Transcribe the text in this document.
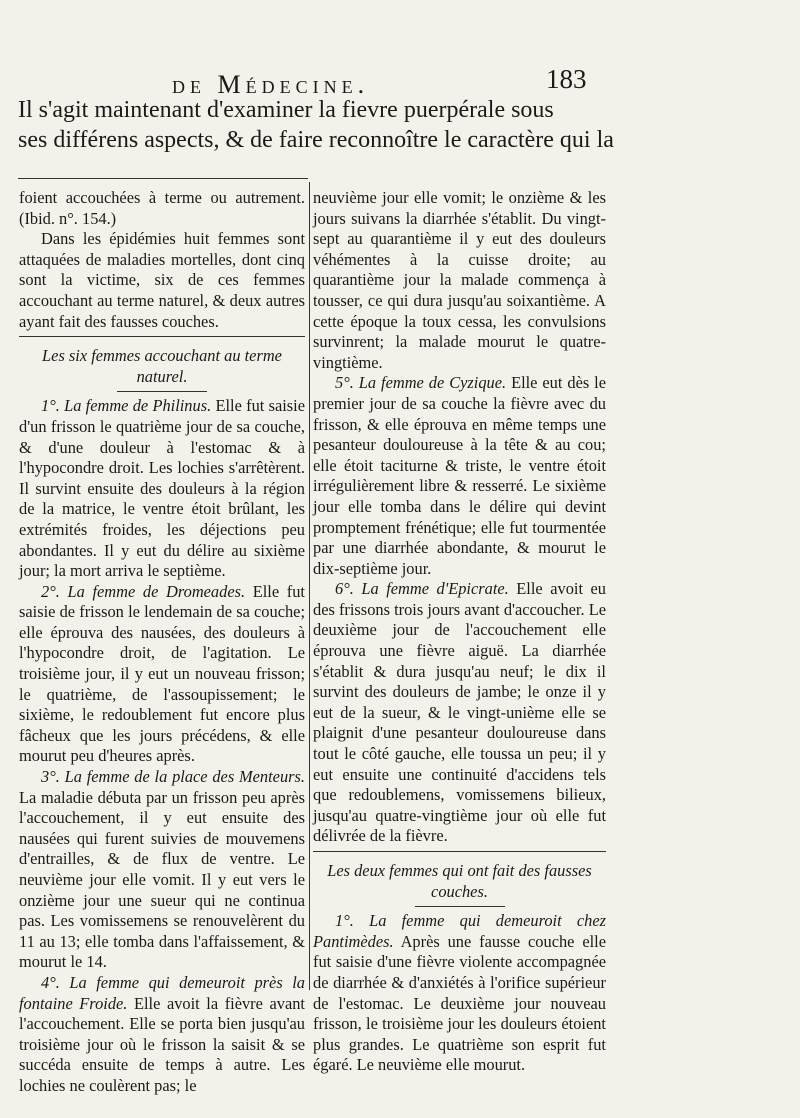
de Médecine.	183
Il s'agit maintenant d'examiner la fievre puerpérale sous
ses différens aspects, & de faire reconnoître le caractère qui la

foient accouchées à terme ou autrement. (Ibid. n°. 154.)

Dans les épidémies huit femmes sont attaquées de maladies mortelles, dont cinq sont la victime, six de ces femmes accouchant au terme naturel, & deux autres ayant fait des fausses couches.

Les six femmes accouchant au terme naturel.

1°. La femme de Philinus. Elle fut saisie d'un frisson le quatrième jour de sa couche, & d'une douleur à l'estomac & à l'hypocondre droit. Les lochies s'arrêtèrent. Il survint ensuite des douleurs à la région de la matrice, le ventre étoit brûlant, les extrémités froides, les déjections peu abondantes. Il y eut du délire au sixième jour; la mort arriva le septième.

2°. La femme de Dromeades. Elle fut saisie de frisson le lendemain de sa couche; elle éprouva des nausées, des douleurs à l'hypocondre droit, de l'agitation. Le troisième jour, il y eut un nouveau frisson; le quatrième, de l'assoupissement; le sixième, le redoublement fut encore plus fâcheux que les jours précédens, & elle mourut peu d'heures après.

3°. La femme de la place des Menteurs. La maladie débuta par un frisson peu après l'accouchement, il y eut ensuite des nausées qui furent suivies de mouvemens d'entrailles, & de flux de ventre. Le neuvième jour elle vomit. Il y eut vers le onzième jour une sueur qui ne continua pas. Les vomissemens se renouvelèrent du 11 au 13; elle tomba dans l'affaissement, & mourut le 14.

4°. La femme qui demeuroit près la fontaine Froide. Elle avoit la fièvre avant l'accouchement. Elle se porta bien jusqu'au troisième jour où le frisson la saisit & se succéda ensuite de temps à autre. Les lochies ne coulèrent pas; le

neuvième jour elle vomit; le onzième & les jours suivans la diarrhée s'établit. Du vingt-sept au quarantième il y eut des douleurs véhémentes à la cuisse droite; au quarantième jour la malade commença à tousser, ce qui dura jusqu'au soixantième. A cette époque la toux cessa, les convulsions survinrent; la malade mourut le quatre-vingtième.

5°. La femme de Cyzique. Elle eut dès le premier jour de sa couche la fièvre avec du frisson, & elle éprouva en même temps une pesanteur douloureuse à la tête & au cou; elle étoit taciturne & triste, le ventre étoit irrégulièrement libre & resserré. Le sixième jour elle tomba dans le délire qui devint promptement frénétique; elle fut tourmentée par une diarrhée abondante, & mourut le dix-septième jour.

6°. La femme d'Epicrate. Elle avoit eu des frissons trois jours avant d'accoucher. Le deuxième jour de l'accouchement elle éprouva une fièvre aiguë. La diarrhée s'établit & dura jusqu'au neuf; le dix il survint des douleurs de jambe; le onze il y eut de la sueur, & le vingt-unième elle se plaignit d'une pesanteur douloureuse dans tout le côté gauche, elle toussa un peu; il y eut ensuite une continuité d'accidens tels que redoublemens, vomissemens bilieux, jusqu'au quatre-vingtième jour où elle fut délivrée de la fièvre.

Les deux femmes qui ont fait des fausses couches.

1°. La femme qui demeuroit chez Pantimèdes. Après une fausse couche elle fut saisie d'une fièvre violente accompagnée de diarrhée & d'anxiétés à l'orifice supérieur de l'estomac. Le deuxième jour nouveau frisson, le troisième jour les douleurs étoient plus grandes. Le quatrième son esprit fut égaré. Le neuvième elle mourut.
